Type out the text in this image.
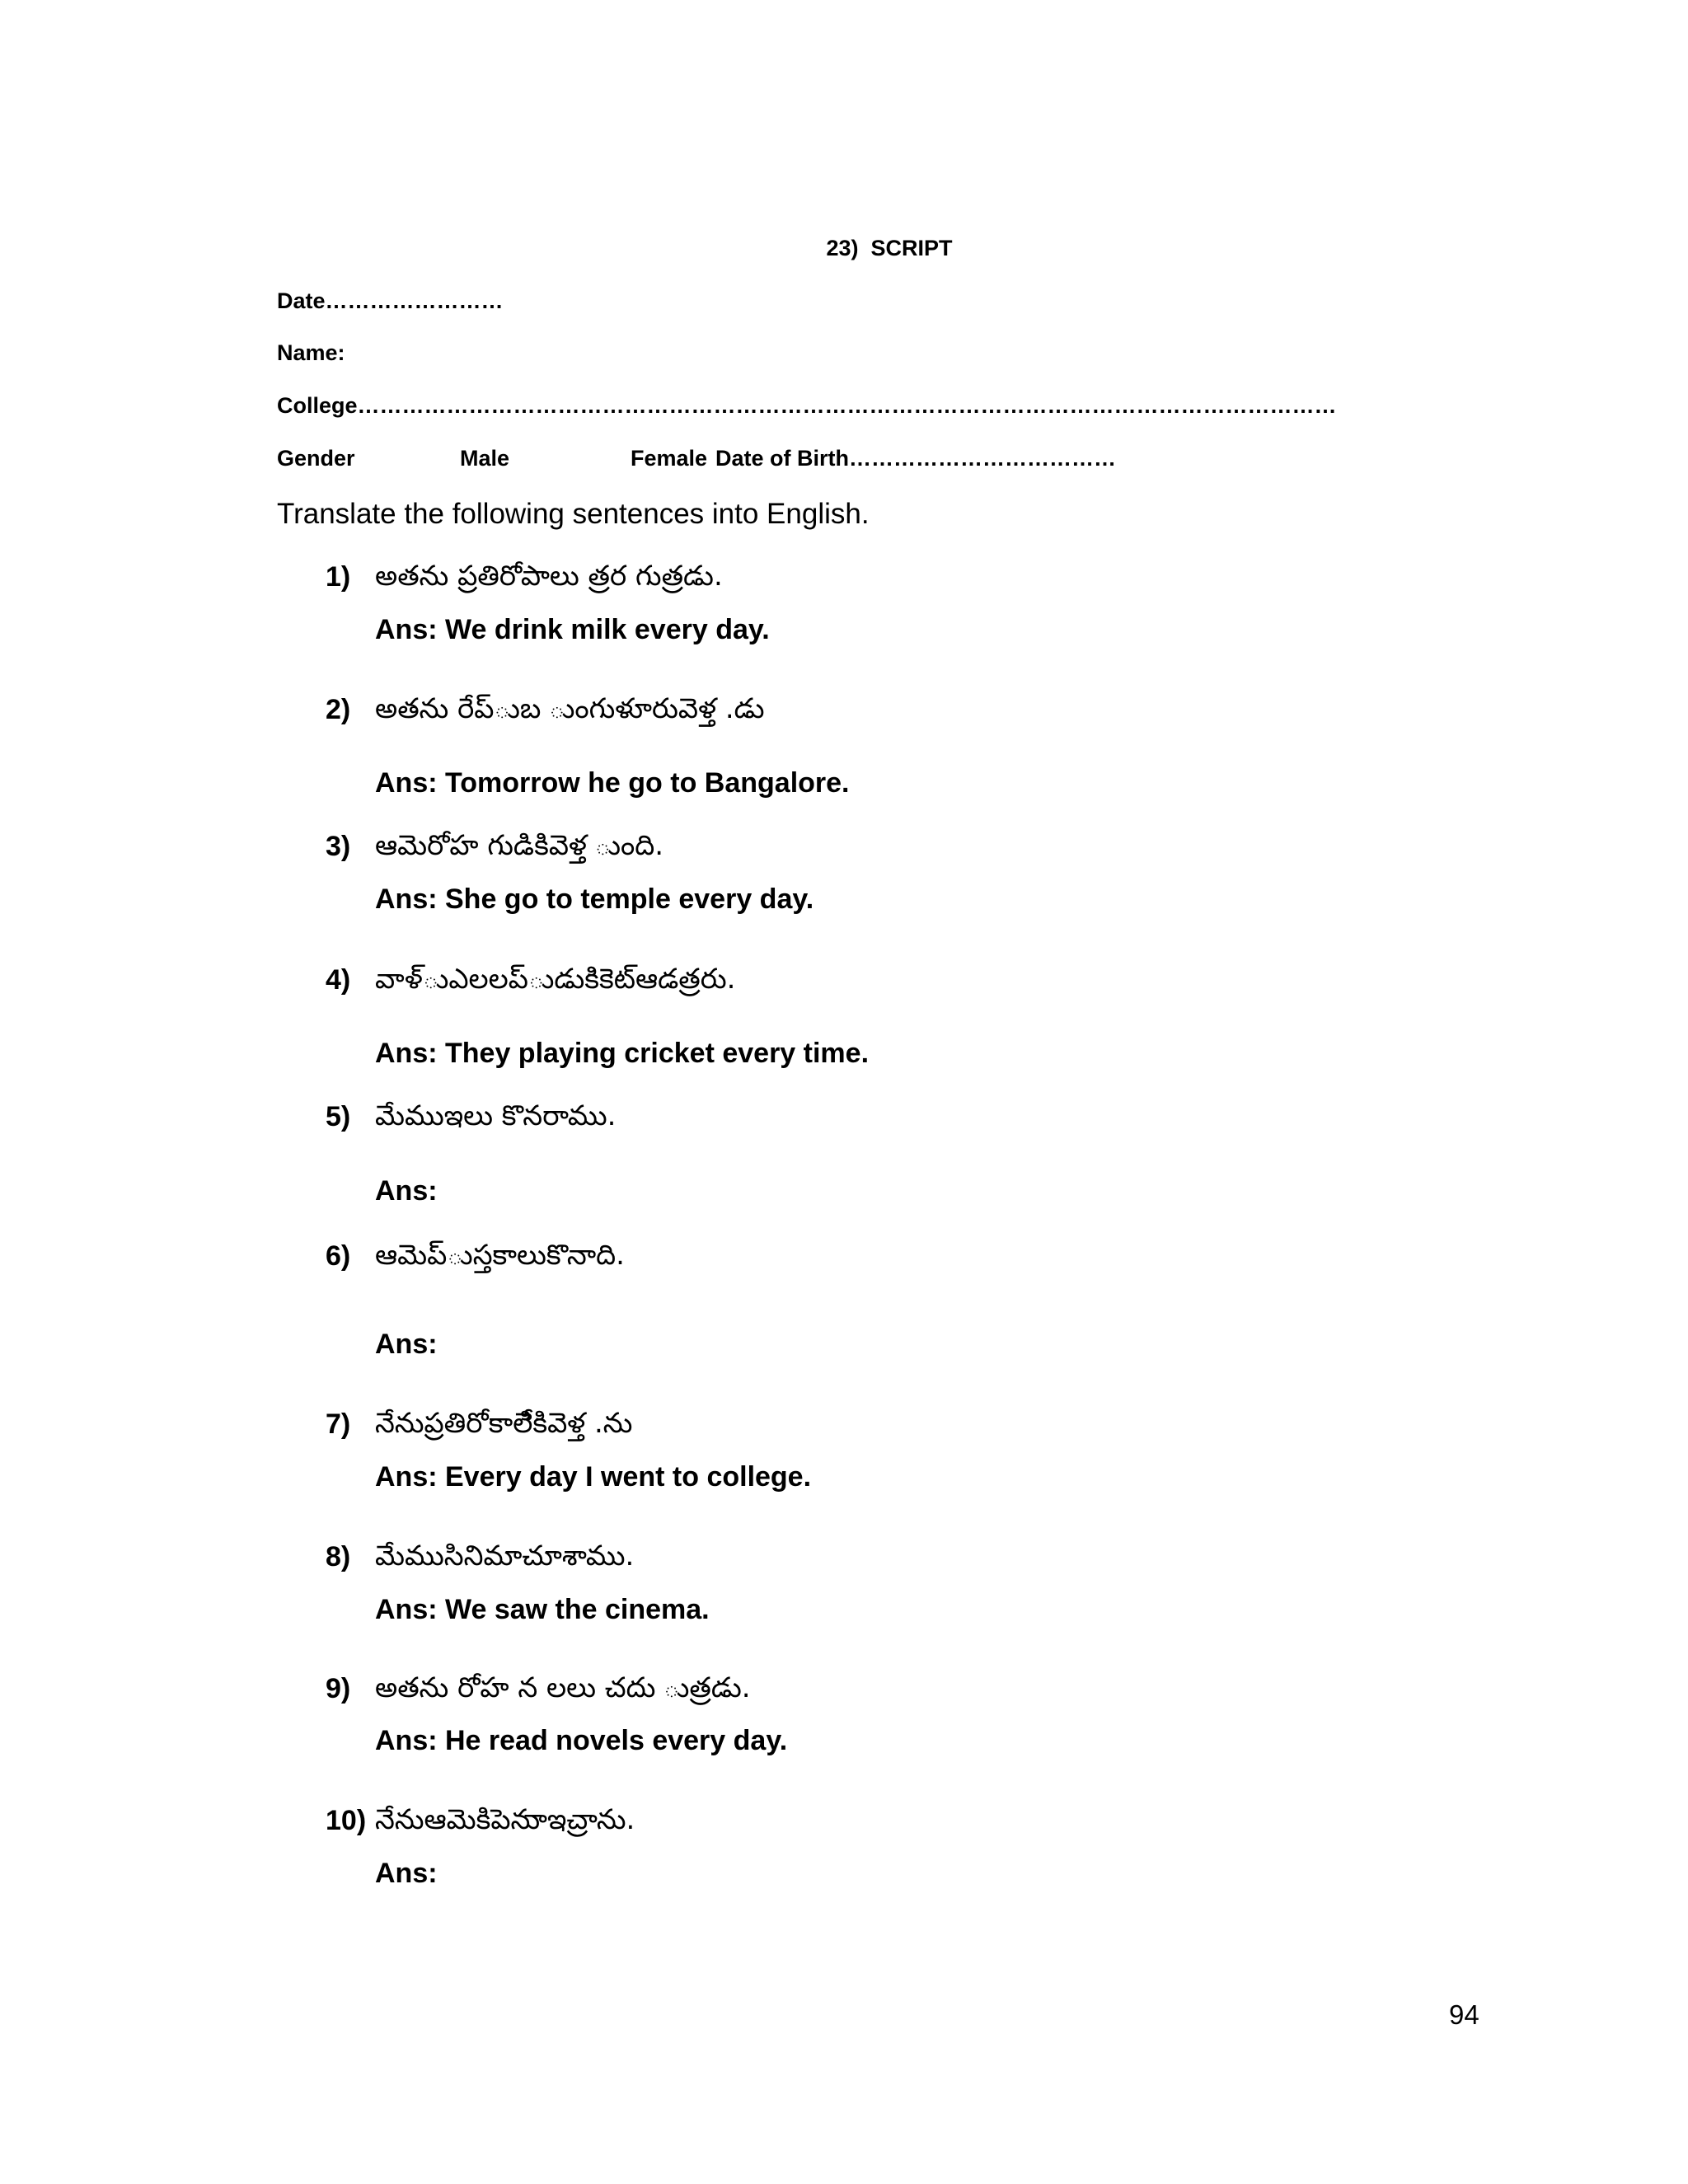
23)  SCRIPT
Date……………………
Name:
College……………………………………………………………………………………………………………………

Gender

	Male

	Female

Date of Birth………………………………

Translate the following sentences into English.
1) అతను ప్రతిరోపాలు త్రర గుత్రడు.
Ans: We drink milk every day.
2) అతను రేప్ుబ ుంగుళూరువెళ్త .డు
Ans: Tomorrow he go to Bangalore.
3) ఆమెరోహ గుడికివెళ్త ుంది.
Ans: She go to temple every day.
4) వాళ్ుఎలలప్ుడుకిికెట్ఆడత్రరు.
Ans: They playing cricket every time.
5) మేముఇలు కొనరాము.
Ans:
6) ఆమెప్ుస్తకాలుకొనాది.
Ans:
7) నేనుప్రతిరోకాలేికివెళ్త .ను
Ans: Every day I went to college.
8) మేముసినిమాచూశాము.
Ans: We saw the cinema.
9) అతను రోహ న లలు చదు ుత్రడు.
Ans: He read novels every day.
10) నేనుఆమెకిపెనుాఇచ్రాను.
Ans:
94
